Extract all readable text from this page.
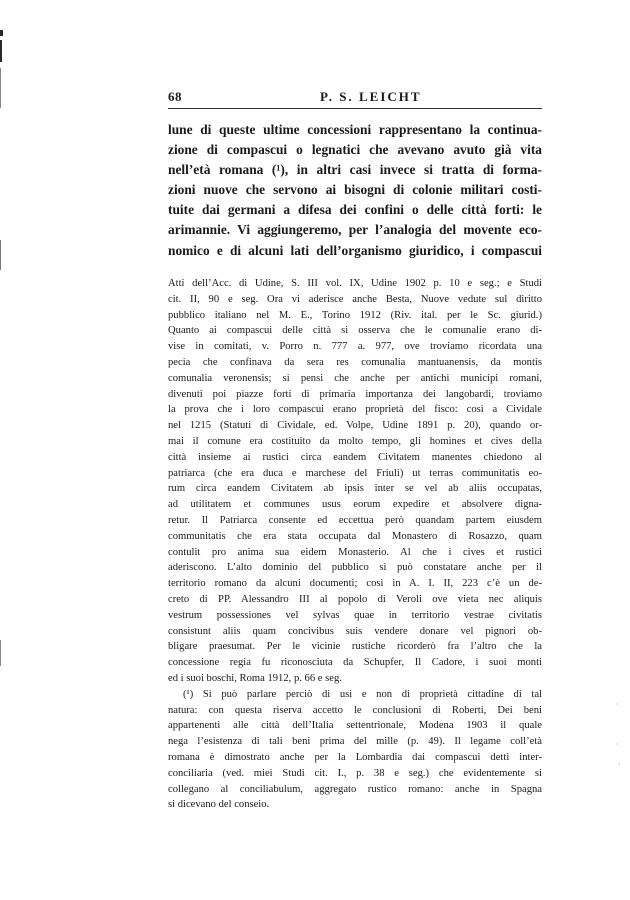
·
·
·
68	P. S. LEICHT
lune di queste ultime concessioni rappresentano la continua-
zione di compascui o legnatici che avevano avuto già vita
nell’età romana (¹), in altri casi invece si tratta di forma-
zioni nuove che servono ai bisogni di colonie militari costi-
tuite dai germani a difesa dei confini o delle città forti: le
arimannie. Vi aggiungeremo, per l’analogia del movente eco-
nomico e di alcuni lati dell’organismo giuridico, i compascui
Atti dell’Acc. di Udine, S. III vol. IX, Udine 1902 p. 10 e seg.; e Studi
cit. II, 90 e seg. Ora vi aderisce anche Besta, Nuove vedute sul diritto
pubblico italiano nel M. E., Torino 1912 (Riv. ital. per le Sc. giurid.)
Quanto ai compascui delle città si osserva che le comunalie erano di-
vise in comitati, v. Porro n. 777 a. 977, ove troviamo ricordata una
pecia che confinava da sera res comunalia mantuanensis, da montis
comunalia veronensis; si pensi che anche per antichi municipi romani,
divenuti poi piazze forti di primaria importanza dei langobardi, troviamo
la prova che i loro compascui erano proprietà del fisco: così a Cividale
nel 1215 (Statuti di Cividale, ed. Volpe, Udine 1891 p. 20), quando or-
mai il comune era costituito da molto tempo, gli homines et cives della
città insieme ai rustici circa eandem Civitatem manentes chiedono al
patriarca (che era duca e marchese del Friuli) ut terras communitatis eo-
rum circa eandem Civitatem ab ipsis inter se vel ab aliis occupatas,
ad utilitatem et communes usus eorum expedire et absolvere digna-
retur. Il Patriarca consente ed eccettua però quandam partem eiusdem
communitatis che era stata occupata dal Monastero di Rosazzo, quam
contulit pro anima sua eidem Monasterio. Al che i cives et rustici
aderiscono. L’alto dominio del pubblico si può constatare anche per il
territorio romano da alcuni documenti; così in A. I. II, 223 c’è un de-
creto di PP. Alessandro III al popolo di Veroli ove vieta nec aliquis
vestrum possessiones vel sylvas quae in territorio vestrae civitatis
consistunt aliis quam concivibus suis vendere donare vel pignori ob-
bligare praesumat. Per le vicinie rustiche ricorderò fra l’altro che la
concessione regia fu riconosciuta da Schupfer, Il Cadore, i suoi monti
ed i suoi boschi, Roma 1912, p. 66 e seg.
(¹) Si può parlare perciò di usi e non di proprietà cittadine di tal
natura: con questa riserva accetto le conclusioni di Roberti, Dei beni
appartenenti alle città dell’Italia settentrionale, Modena 1903 il quale
nega l’esistenza di tali beni prima del mille (p. 49). Il legame coll’età
romana è dimostrato anche per la Lombardia dai compascui detti inter-
conciliaria (ved. miei Studi cit. I., p. 38 e seg.) che evidentemente si
collegano al conciliabulum, aggregato rustico romano: anche in Spagna
si dicevano del conseio.
